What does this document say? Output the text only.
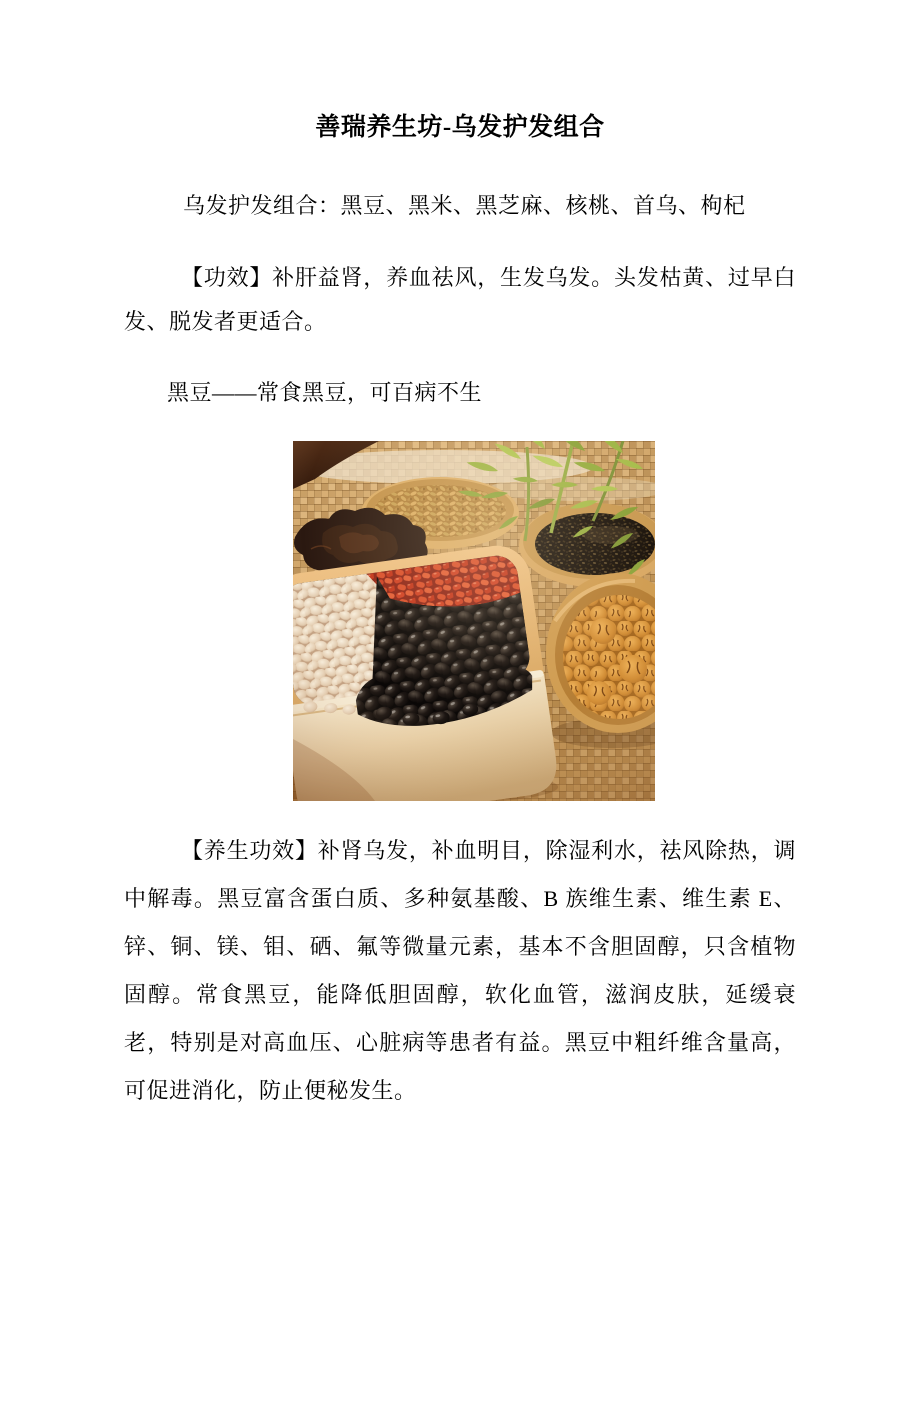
善瑞养生坊-乌发护发组合

乌发护发组合：黑豆、黑米、黑芝麻、核桃、首乌、枸杞

【功效】补肝益肾，养血祛风，生发乌发。头发枯黄、过早白发、脱发者更适合。

黑豆——常食黑豆，可百病不生

【养生功效】补肾乌发，补血明目，除湿利水，祛风除热，调中解毒。黑豆富含蛋白质、多种氨基酸、B 族维生素、维生素 E、锌、铜、镁、钼、硒、氟等微量元素，基本不含胆固醇，只含植物固醇。常食黑豆，能降低胆固醇，软化血管，滋润皮肤，延缓衰老，特别是对高血压、心脏病等患者有益。黑豆中粗纤维含量高，可促进消化，防止便秘发生。
